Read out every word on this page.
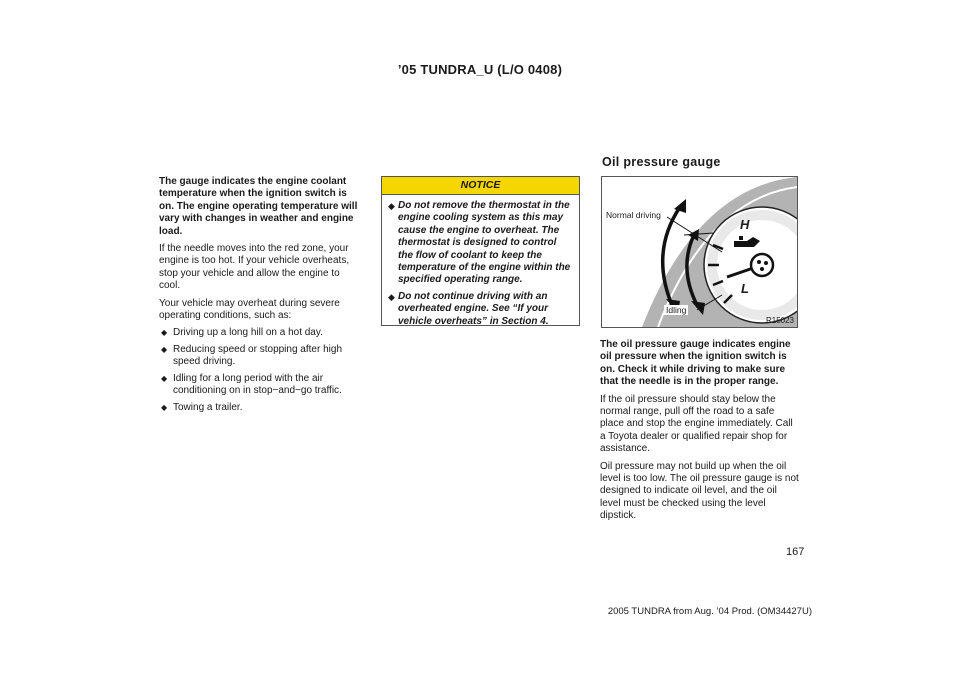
’05 TUNDRA_U (L/O 0408)

The gauge indicates the engine coolant temperature when the ignition switch is on. The engine operating temperature will vary with changes in weather and engine load.

If the needle moves into the red zone, your engine is too hot. If your vehicle overheats, stop your vehicle and allow the engine to cool.

Your vehicle may overheat during severe operating conditions, such as:

◆ Driving up a long hill on a hot day.
◆ Reducing speed or stopping after high speed driving.
◆ Idling for a long period with the air conditioning on in stop−and−go traffic.
◆ Towing a trailer.
NOTICE
◆ Do not remove the thermostat in the engine cooling system as this may cause the engine to overheat. The thermostat is designed to control the flow of coolant to keep the temperature of the engine within the specified operating range.
◆ Do not continue driving with an overheated engine. See “If your vehicle overheats” in Section 4.
Oil pressure gauge
Normal driving
Idling
H
L
R15023

The oil pressure gauge indicates engine oil pressure when the ignition switch is on. Check it while driving to make sure that the needle is in the proper range.

If the oil pressure should stay below the normal range, pull off the road to a safe place and stop the engine immediately. Call a Toyota dealer or qualified repair shop for assistance.

Oil pressure may not build up when the oil level is too low. The oil pressure gauge is not designed to indicate oil level, and the oil level must be checked using the level dipstick.

167
2005 TUNDRA from Aug. ’04 Prod. (OM34427U)
